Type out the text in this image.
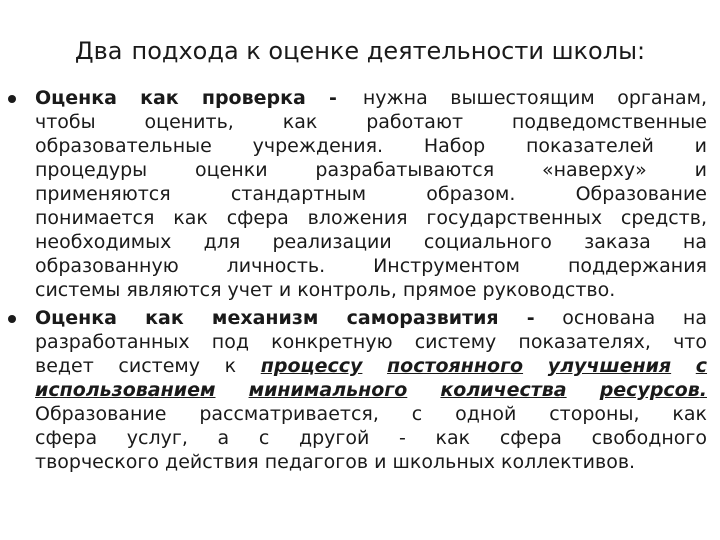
Два подхода к оценке деятельности школы:
Оценка как проверка - нужна вышестоящим органам,
чтобы оценить, как работают подведомственные
образовательные учреждения. Набор показателей и
процедуры оценки разрабатываются «наверху» и
применяются стандартным образом. Образование
понимается как сфера вложения государственных средств,
необходимых для реализации социального заказа на
образованную личность. Инструментом поддержания
системы являются учет и контроль, прямое руководство.
Оценка как механизм саморазвития - основана на
разработанных под конкретную систему показателях, что
ведет систему к процессу постоянного улучшения с
использованием минимального количества ресурсов.
Образование рассматривается, с одной стороны, как
сфера услуг, а с другой - как сфера свободного
творческого действия педагогов и школьных коллективов.
